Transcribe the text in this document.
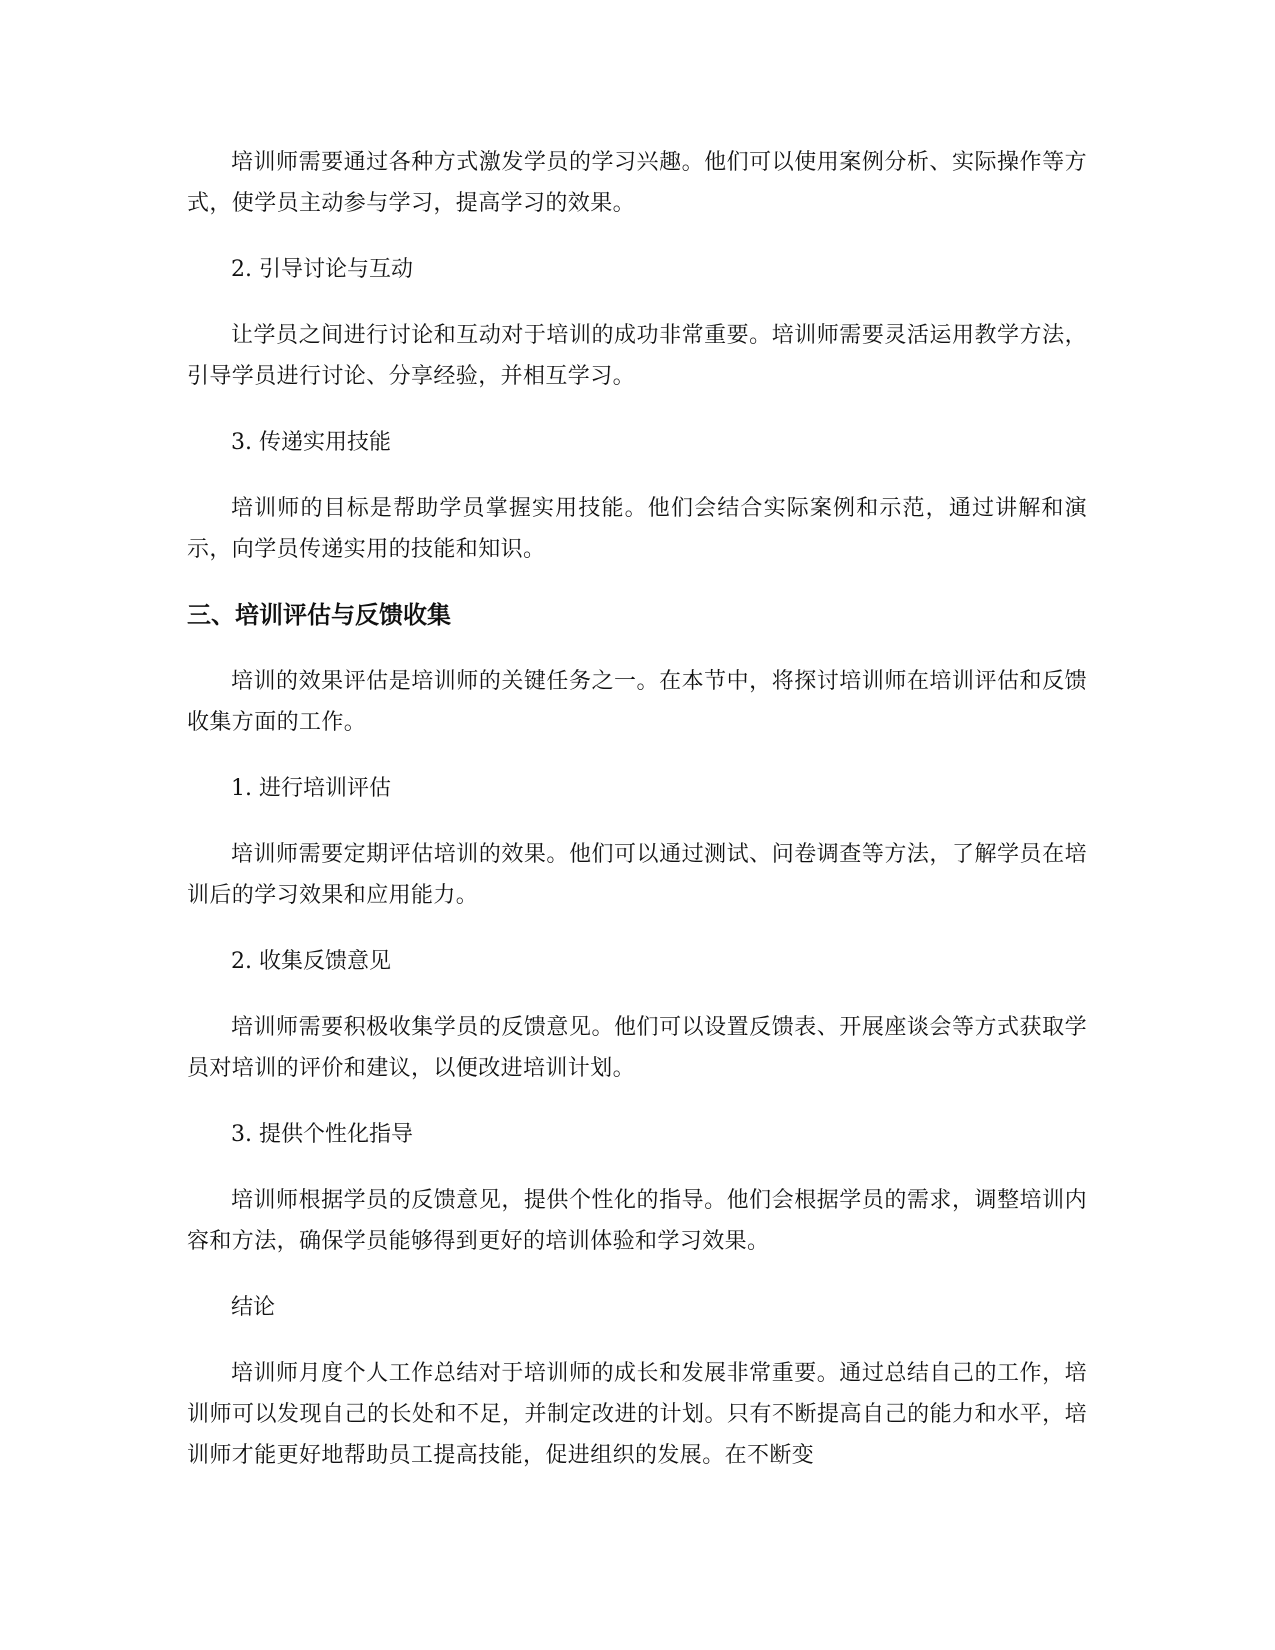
培训师需要通过各种方式激发学员的学习兴趣。他们可以使用案例分析、实际操作等方式，使学员主动参与学习，提高学习的效果。

2. 引导讨论与互动

让学员之间进行讨论和互动对于培训的成功非常重要。培训师需要灵活运用教学方法，引导学员进行讨论、分享经验，并相互学习。

3. 传递实用技能

培训师的目标是帮助学员掌握实用技能。他们会结合实际案例和示范，通过讲解和演示，向学员传递实用的技能和知识。

三、培训评估与反馈收集

培训的效果评估是培训师的关键任务之一。在本节中，将探讨培训师在培训评估和反馈收集方面的工作。

1. 进行培训评估

培训师需要定期评估培训的效果。他们可以通过测试、问卷调查等方法，了解学员在培训后的学习效果和应用能力。

2. 收集反馈意见

培训师需要积极收集学员的反馈意见。他们可以设置反馈表、开展座谈会等方式获取学员对培训的评价和建议，以便改进培训计划。

3. 提供个性化指导

培训师根据学员的反馈意见，提供个性化的指导。他们会根据学员的需求，调整培训内容和方法，确保学员能够得到更好的培训体验和学习效果。

结论

培训师月度个人工作总结对于培训师的成长和发展非常重要。通过总结自己的工作，培训师可以发现自己的长处和不足，并制定改进的计划。只有不断提高自己的能力和水平，培训师才能更好地帮助员工提高技能，促进组织的发展。在不断变
